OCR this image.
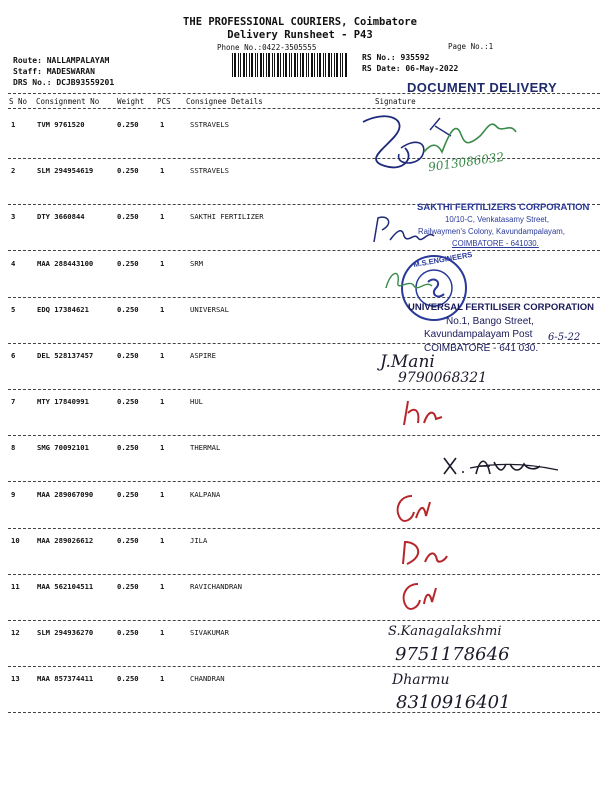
THE PROFESSIONAL COURIERS, Coimbatore
Delivery Runsheet - P43
Phone No.:0422-3505555	Page No.:1
Route: NALLAMPALAYAM
Staff: MADESWARAN
DRS No.: DCJB93559201
RS No.: 935592
RS Date: 06-May-2022
DOCUMENT DELIVERY
S No Consignment No Weight PCS Consignee Details	Signature
1	TVM 9761520	0.250	1	SSTRAVELS
2	SLM 294954619	0.250	1	SSTRAVELS
3	DTY 3660844	0.250	1	SAKTHI FERTILIZER
4	MAA 288443100	0.250	1	SRM
5	EDQ 17384621	0.250	1	UNIVERSAL
6	DEL 528137457	0.250	1	ASPIRE
7	MTY 17840991	0.250	1	HUL
8	SMG 70092101	0.250	1	THERMAL
9	MAA 289067090	0.250	1	KALPANA
10 MAA 289026612	0.250	1	JILA
11 MAA 562104511	0.250	1	RAVICHANDRAN
12 SLM 294936270	0.250	1	SIVAKUMAR
13 MAA 857374411	0.250	1	CHANDRAN
9013086032
SAKTHI FERTILIZERS CORPORATION
10/10-C, Venkatasamy Street,
Railwaymen's Colony, Kavundampalayam,
COIMBATORE - 641030.
M.S.ENGINEERS
UNIVERSAL FERTILISER CORPORATION
No.1, Bango Street,
Kavundampalayam Post
COIMBATORE - 641 030.
6-5-22
J.Mani
9790068321
S.Kanagalakshmi
9751178646
Dharmu
8310916401
